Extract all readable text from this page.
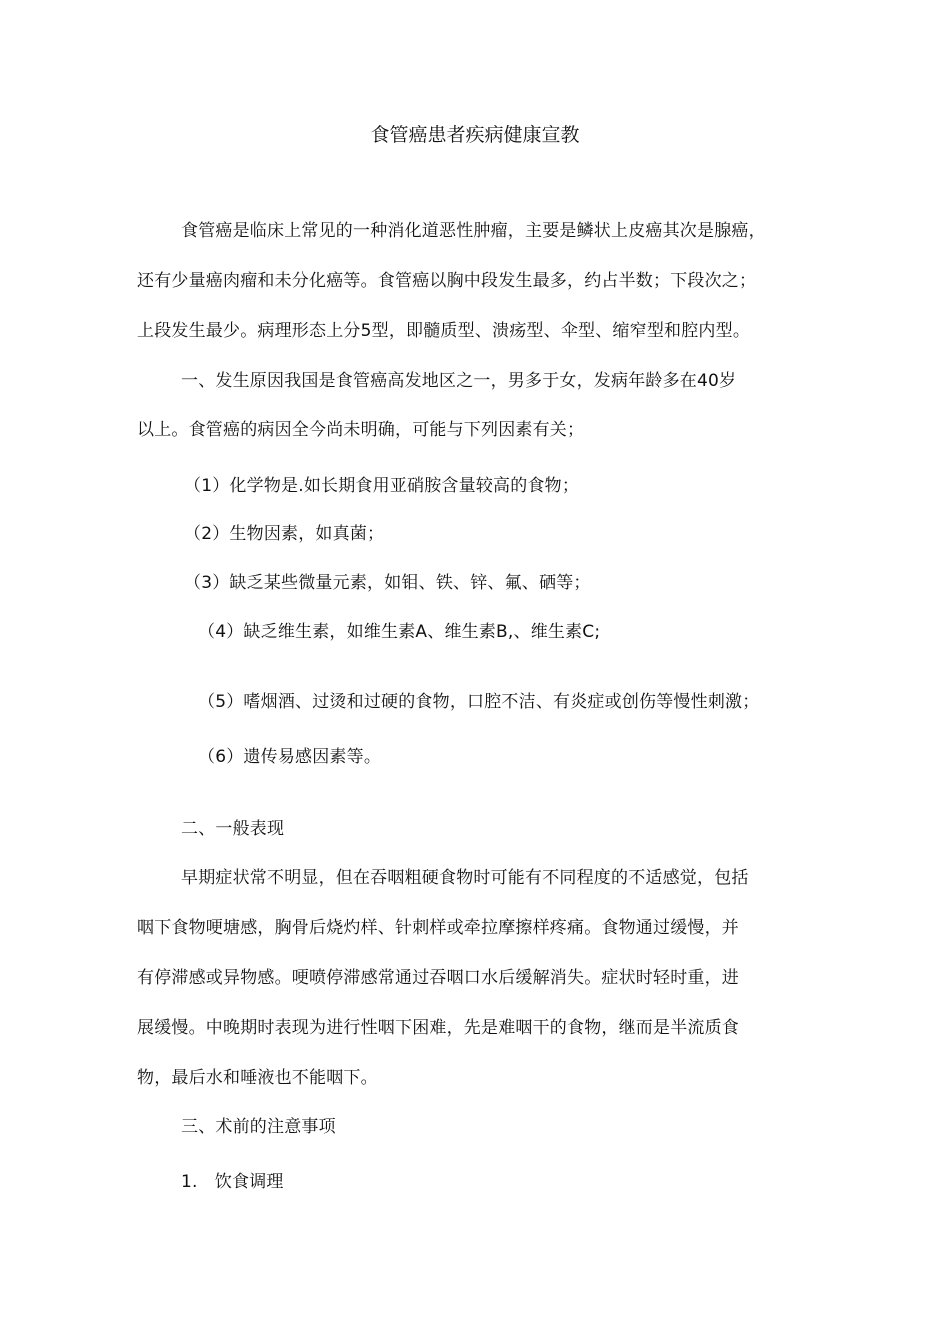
食管癌患者疾病健康宣教
食管癌是临床上常见的一种消化道恶性肿瘤，主要是鳞状上皮癌其次是腺癌，
还有少量癌肉瘤和未分化癌等。食管癌以胸中段发生最多，约占半数；下段次之；
上段发生最少。病理形态上分5型，即髓质型、溃疡型、伞型、缩窄型和腔内型。
一、发生原因我国是食管癌高发地区之一，男多于女，发病年龄多在40岁
以上。食管癌的病因全今尚未明确，可能与下列因素有关；
（1）化学物是.如长期食用亚硝胺含量较高的食物；
（2）生物因素，如真菌；
（3）缺乏某些微量元素，如钼、铁、锌、氟、硒等；
（4）缺乏维生素，如维生素A、维生素B,、维生素C;
（5）嗜烟酒、过烫和过硬的食物，口腔不洁、有炎症或创伤等慢性刺激；
（6）遗传易感因素等。
二、一般表现
早期症状常不明显，但在吞咽粗硬食物时可能有不同程度的不适感觉，包括
咽下食物哽塘感，胸骨后烧灼样、针刺样或牵拉摩擦样疼痛。食物通过缓慢，并
有停滞感或异物感。哽喷停滞感常通过吞咽口水后缓解消失。症状时轻时重，进
展缓慢。中晚期时表现为进行性咽下困难，先是难咽干的食物，继而是半流质食
物，最后水和唾液也不能咽下。
三、术前的注意事项
1.　饮食调理
